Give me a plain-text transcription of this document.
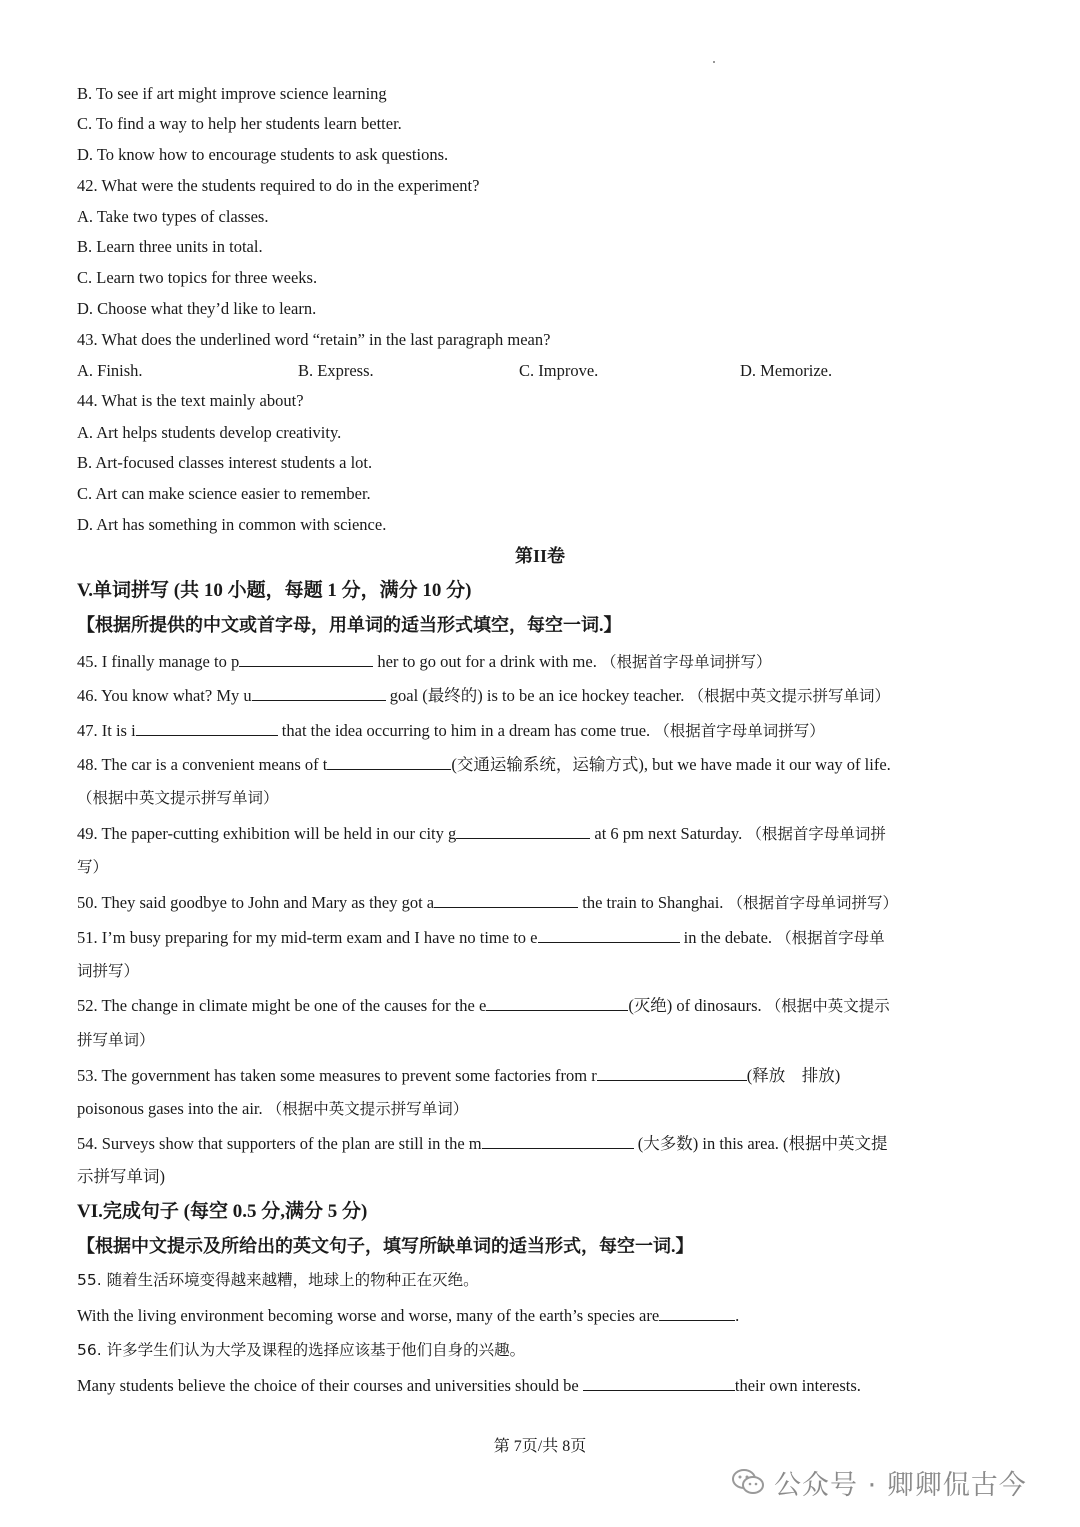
B. To see if art might improve science learning
C. To find a way to help her students learn better.
D. To know how to encourage students to ask questions.
42. What were the students required to do in the experiment?
A. Take two types of classes.
B. Learn three units in total.
C. Learn two topics for three weeks.
D. Choose what they’d like to learn.
43. What does the underlined word “retain” in the last paragraph mean?
A. Finish.	B. Express.	C. Improve.	D. Memorize.
44. What is the text mainly about?
A. Art helps students develop creativity.
B. Art-focused classes interest students a lot.
C. Art can make science easier to remember.
D. Art has something in common with science.
第II卷
V.单词拼写 (共 10 小题，每题 1 分，满分 10 分)
【根据所提供的中文或首字母，用单词的适当形式填空，每空一词.】
45. I finally manage to p	her to go out for a drink with me. （根据首字母单词拼写）
46. You know what? My u	goal (最终的) is to be an ice hockey teacher. （根据中英文提示拼写单词）
47. It is i	that the idea occurring to him in a dream has come true. （根据首字母单词拼写）
48. The car is a convenient means of t	(交通运输系统，运输方式), but we have made it our way of life.
（根据中英文提示拼写单词）
49. The paper-cutting exhibition will be held in our city g	at 6 pm next Saturday. （根据首字母单词拼
写）
50. They said goodbye to John and Mary as they got a	the train to Shanghai. （根据首字母单词拼写）
51. I’m busy preparing for my mid-term exam and I have no time to e	in the debate. （根据首字母单
词拼写）
52. The change in climate might be one of the causes for the e	(灭绝) of dinosaurs. （根据中英文提示
拼写单词）
53. The government has taken some measures to prevent some factories from r	(释放　排放)
poisonous gases into the air. （根据中英文提示拼写单词）
54. Surveys show that supporters of the plan are still in the m	(大多数) in this area. (根据中英文提
示拼写单词)
VI.完成句子 (每空 0.5 分,满分 5 分)
【根据中文提示及所给出的英文句子，填写所缺单词的适当形式，每空一词.】
55. 随着生活环境变得越来越糟，地球上的物种正在灭绝。
With the living environment becoming worse and worse, many of the earth’s species are	.
56. 许多学生们认为大学及课程的选择应该基于他们自身的兴趣。
Many students believe the choice of their courses and universities should be	their own interests.
第 7页/共 8页
公众号 · 卿卿侃古今
